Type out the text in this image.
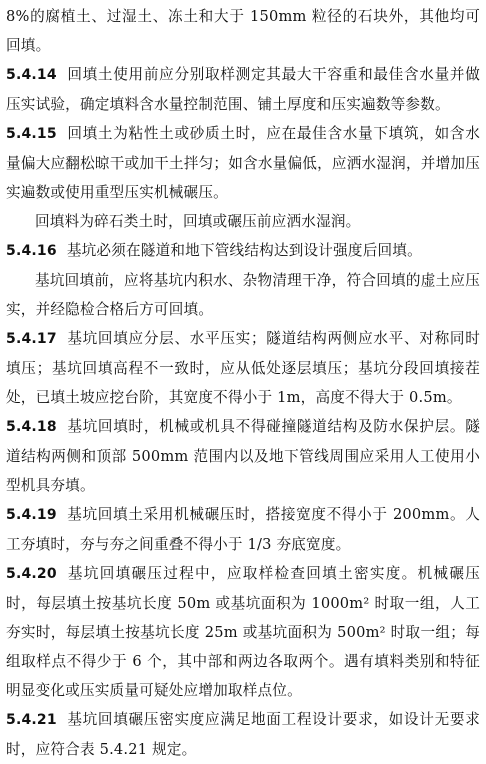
8%的腐植土、过湿土、冻土和大于 150mm 粒径的石块外，其他均可回填。

5.4.14 回填土使用前应分别取样测定其最大干容重和最佳含水量并做压实试验，确定填料含水量控制范围、铺土厚度和压实遍数等参数。

5.4.15 回填土为粘性土或砂质土时，应在最佳含水量下填筑，如含水量偏大应翻松晾干或加干土拌匀；如含水量偏低，应洒水湿润，并增加压实遍数或使用重型压实机械碾压。

回填料为碎石类土时，回填或碾压前应洒水湿润。

5.4.16 基坑必须在隧道和地下管线结构达到设计强度后回填。

基坑回填前，应将基坑内积水、杂物清理干净，符合回填的虚土应压实，并经隐检合格后方可回填。

5.4.17 基坑回填应分层、水平压实；隧道结构两侧应水平、对称同时填压；基坑回填高程不一致时，应从低处逐层填压；基坑分段回填接茬处，已填土坡应挖台阶，其宽度不得小于 1m，高度不得大于 0.5m。

5.4.18 基坑回填时，机械或机具不得碰撞隧道结构及防水保护层。隧道结构两侧和顶部 500mm 范围内以及地下管线周围应采用人工使用小型机具夯填。

5.4.19 基坑回填土采用机械碾压时，搭接宽度不得小于 200mm。人工夯填时，夯与夯之间重叠不得小于 1/3 夯底宽度。

5.4.20 基坑回填碾压过程中，应取样检查回填土密实度。机械碾压时，每层填土按基坑长度 50m 或基坑面积为 1000m² 时取一组，人工夯实时，每层填土按基坑长度 25m 或基坑面积为 500m² 时取一组；每组取样点不得少于 6 个，其中部和两边各取两个。遇有填料类别和特征明显变化或压实质量可疑处应增加取样点位。

5.4.21 基坑回填碾压密实度应满足地面工程设计要求，如设计无要求时，应符合表 5.4.21 规定。
